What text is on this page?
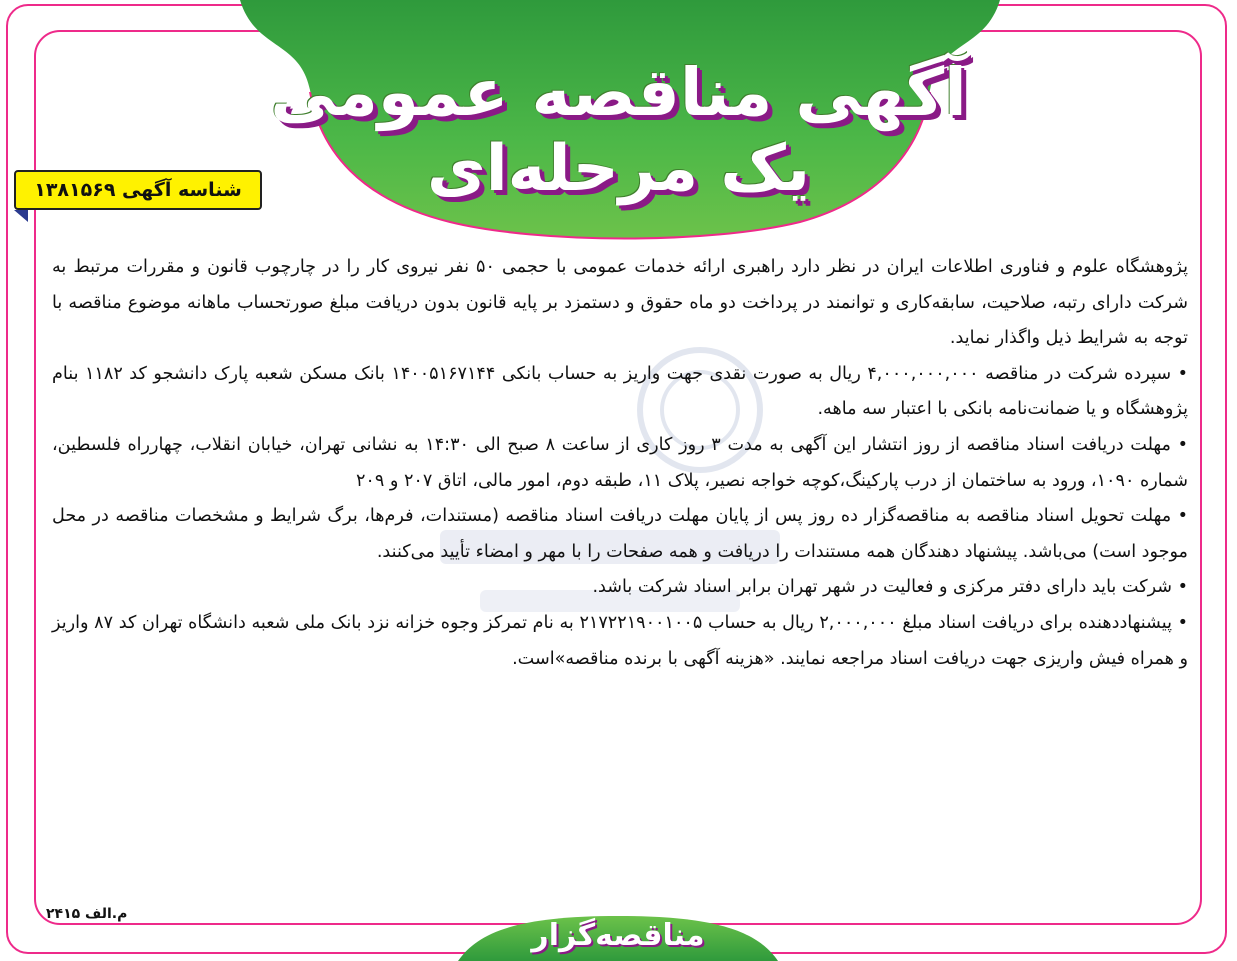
آگهی مناقصه عمومی
یک مرحله‌ای
شناسه آگهی ۱۳۸۱۵۶۹

پژوهشگاه علوم و فناوری اطلاعات ایران در نظر دارد راهبری ارائه خدمات عمومی با حجمی ۵۰ نفر نیروی کار را در چارچوب قانون و مقررات مرتبط به شرکت دارای رتبه، صلاحیت، سابقه‌کاری و توانمند در پرداخت دو ماه حقوق و دستمزد بر پایه قانون بدون دریافت مبلغ صورتحساب ماهانه موضوع مناقصه با توجه به شرایط ذیل واگذار نماید.

• سپرده شرکت در مناقصه ۴,۰۰۰,۰۰۰,۰۰۰ ریال به صورت نقدی جهت واریز به حساب بانکی ۱۴۰۰۵۱۶۷۱۴۴ بانک مسکن شعبه پارک دانشجو کد ۱۱۸۲ بنام پژوهشگاه و یا ضمانت‌نامه بانکی با اعتبار سه ماهه.

• مهلت دریافت اسناد مناقصه از روز انتشار این آگهی به مدت ۳ روز کاری از ساعت ۸ صبح الی ۱۴:۳۰ به نشانی تهران، خیابان انقلاب، چهارراه فلسطین، شماره ۱۰۹۰، ورود به ساختمان از درب پارکینگ،کوچه خواجه نصیر، پلاک ۱۱، طبقه دوم، امور مالی، اتاق ۲۰۷ و ۲۰۹

• مهلت تحویل اسناد مناقصه به مناقصه‌گزار ده روز پس از پایان مهلت دریافت اسناد مناقصه (مستندات، فرم‌ها، برگ شرایط و مشخصات مناقصه در محل موجود است) می‌باشد. پیشنهاد دهندگان همه مستندات را دریافت و همه صفحات را با مهر و امضاء تأیید می‌کنند.

• شرکت باید دارای دفتر مرکزی و فعالیت در شهر تهران برابر اسناد شرکت باشد.

• پیشنهاددهنده برای دریافت اسناد مبلغ ۲,۰۰۰,۰۰۰ ریال به حساب ۲۱۷۲۲۱۹۰۰۱۰۰۵ به نام تمرکز وجوه خزانه نزد بانک ملی شعبه دانشگاه تهران کد ۸۷ واریز و همراه فیش واریزی جهت دریافت اسناد مراجعه نمایند. «هزینه آگهی با برنده مناقصه»است.

م.الف ۲۴۱۵
مناقصه‌گزار
